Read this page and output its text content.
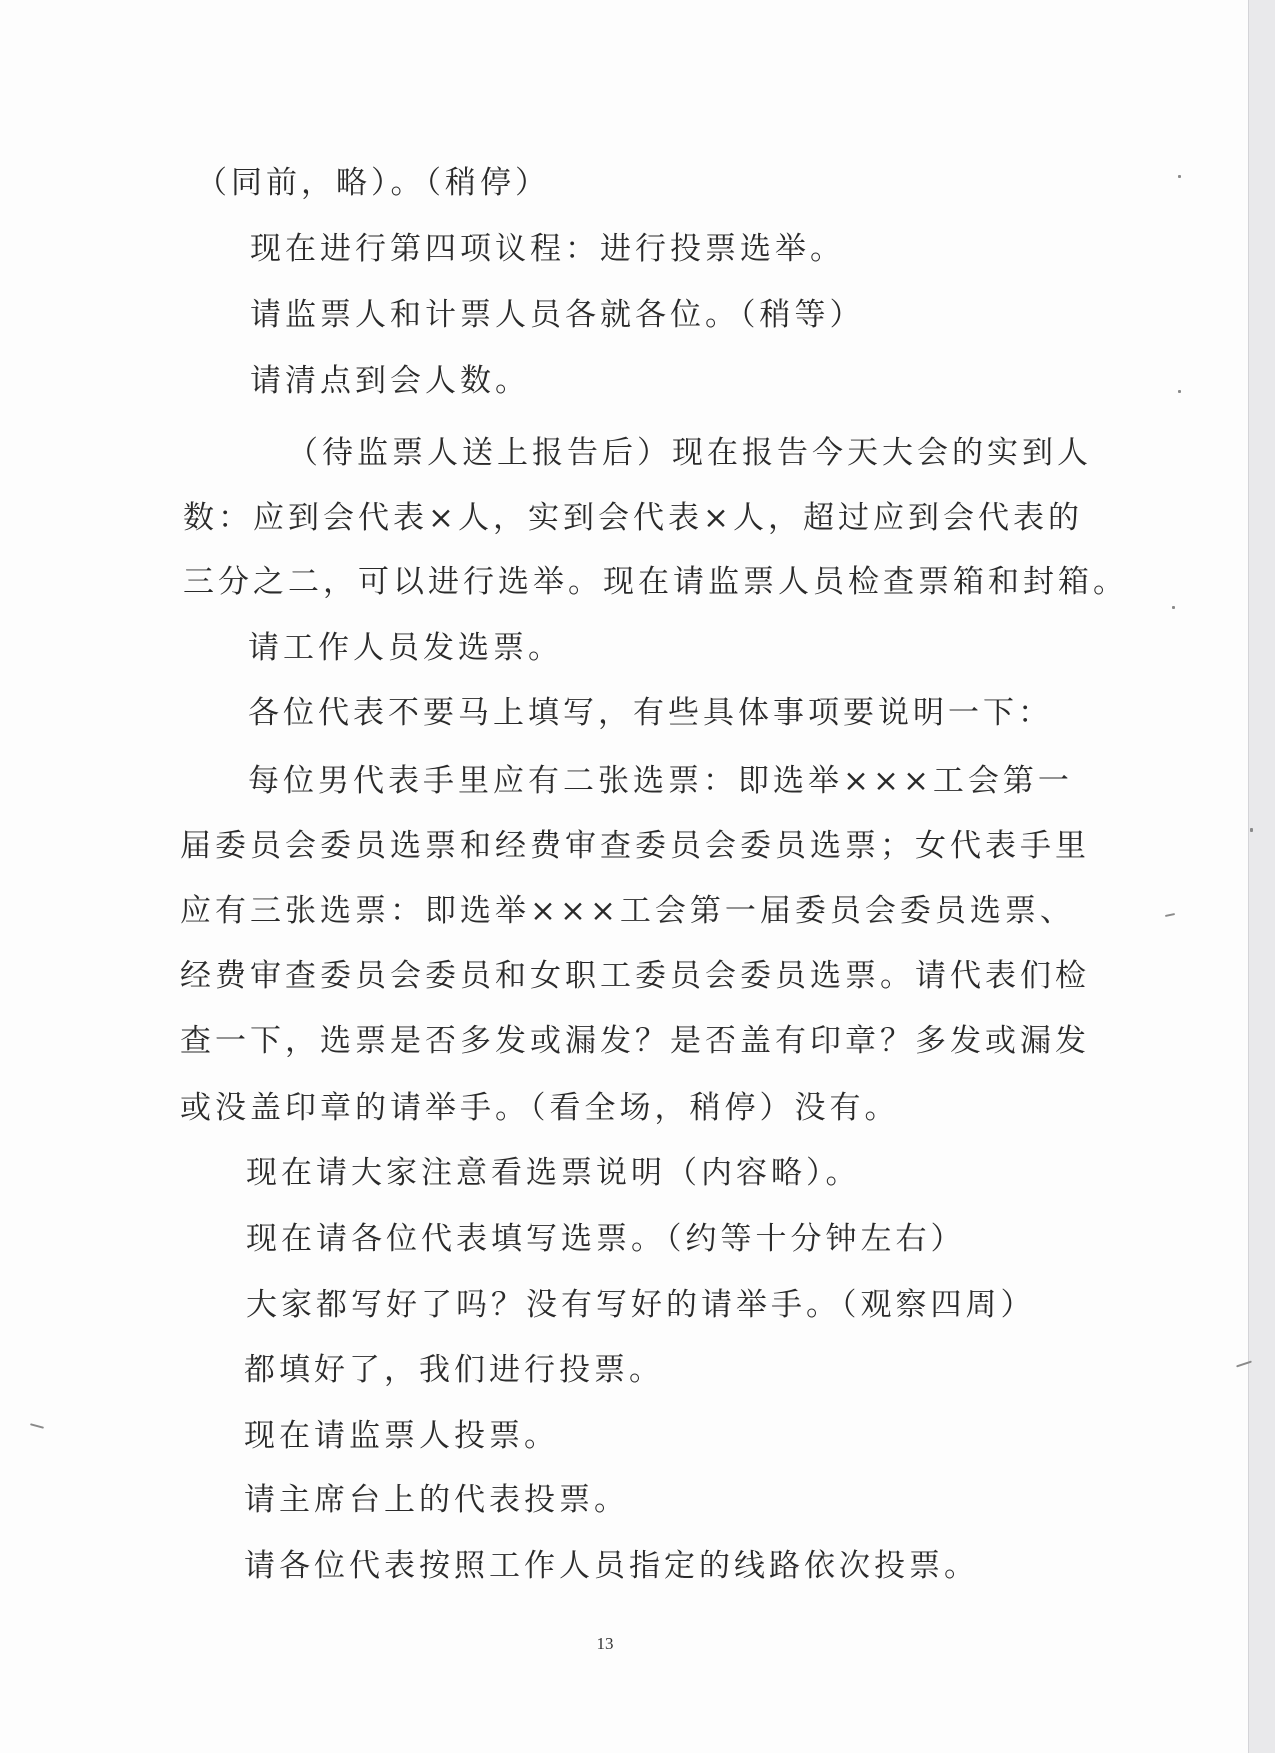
（同前，略）。（稍停）
现在进行第四项议程：进行投票选举。
请监票人和计票人员各就各位。（稍等）
请清点到会人数。
（待监票人送上报告后）现在报告今天大会的实到人
数：应到会代表×人，实到会代表×人，超过应到会代表的
三分之二，可以进行选举。现在请监票人员检查票箱和封箱。
请工作人员发选票。
各位代表不要马上填写，有些具体事项要说明一下：
每位男代表手里应有二张选票：即选举×××工会第一
届委员会委员选票和经费审查委员会委员选票；女代表手里
应有三张选票：即选举×××工会第一届委员会委员选票、
经费审查委员会委员和女职工委员会委员选票。请代表们检
查一下，选票是否多发或漏发？是否盖有印章？多发或漏发
或没盖印章的请举手。（看全场，稍停）没有。
现在请大家注意看选票说明（内容略）。
现在请各位代表填写选票。（约等十分钟左右）
大家都写好了吗？没有写好的请举手。（观察四周）
都填好了，我们进行投票。
现在请监票人投票。
请主席台上的代表投票。
请各位代表按照工作人员指定的线路依次投票。
13
